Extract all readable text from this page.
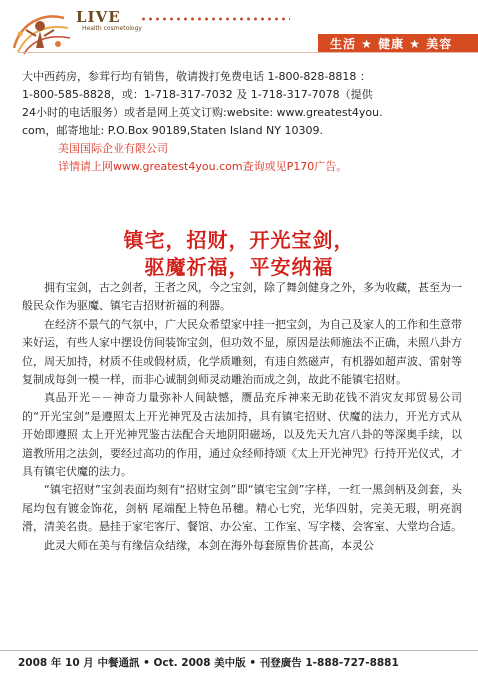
LIVE
Health cosmetology
生活 ★ 健康 ★ 美容

大中西药房，参茸行均有销售，敬请拨打免费电话 1-800-828-8818 ：

1-800-585-8828，或：1-718-317-7032 及 1-718-317-7078（提供

24小时的电话服务）或者是网上英文订购:website: www.greatest4you.

com，邮寄地址: P.O.Box 90189,Staten Island NY 10309.

美国国际企业有限公司
详情请上网www.greatest4you.com查询或见P170广告。
镇宅，招财，开光宝剑，
驱魔祈福，平安纳福

拥有宝剑，古之剑者，王者之风，今之宝剑，除了舞剑健身之外，多为收藏，甚至为一般民众作为驱魔、镇宅吉招财祈福的利器。

在经济不景气的气氛中，广大民众希望家中挂一把宝剑，为自己及家人的工作和生意带来好运，有些人家中摆设仿间装饰宝剑，但功效不显，原因是法师施法不正确，未照八卦方位，周天加持，材质不佳或假材质，化学质雕刻，有违自然磁声，有机器如超声波、雷射等复制成每剑一模一样，而非心诚制剑师灵动雕治而成之剑，故此不能镇宅招财。

真品开光－－神奇力量弥补人间缺憾，赝品充斥神来无助花钱不消灾友邦贸易公司的“开光宝剑”是遵照太上开光神咒及古法加持，具有镇宅招财、伏魔的法力，开光方式从开始即遵照 太上开光神咒鉴古法配合天地阴阳磁场，以及先天九宫八卦的等深奥手续，以道教所用之法剑，要经过高功的作用，通过众经师持颂《太上开光神咒》行持开光仪式，才具有镇宅伏魔的法力。

“镇宅招财”宝剑表面均刻有“招财宝剑”即“镇宅宝剑”字样，一红一黑剑柄及剑套，头尾均包有镀金饰花，剑柄 尾端配上特色吊穗。精心七究，光华四射，完美无瑕，明亮润滑，清美名贵。悬挂于家宅客厅、餐馆、办公室、工作室、写字楼、会客室、大堂均合适。

此灵大师在美与有缘信众结缘，本剑在海外每套原售价甚高，本灵公

2008 年 10 月 中餐通訊 • Oct. 2008 美中版 • 刊登廣告 1-888-727-8881
